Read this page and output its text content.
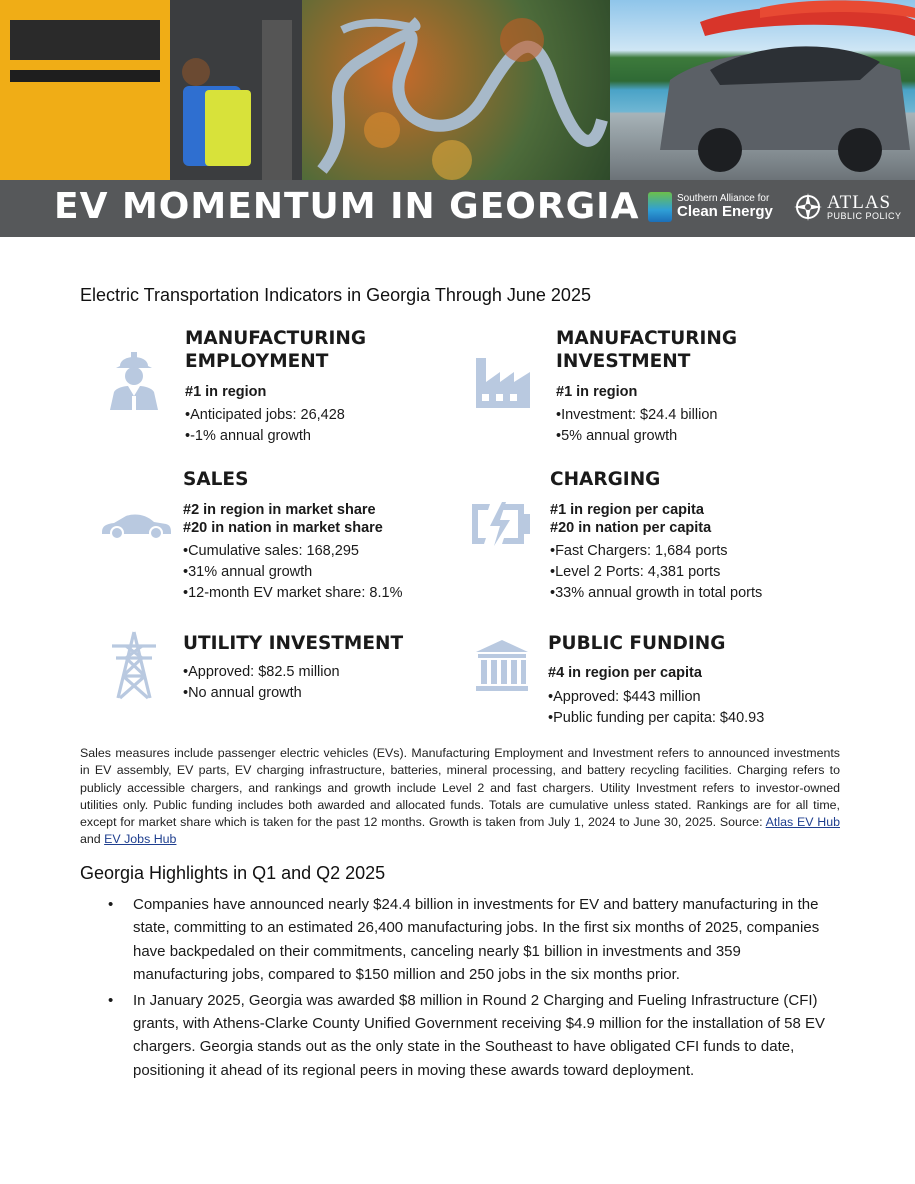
EV MOMENTUM IN GEORGIA	Southern Alliance for
Clean Energy	ATLAS
PUBLIC POLICY
Electric Transportation Indicators in Georgia Through June 2025
MANUFACTURING
EMPLOYMENT
#1 in region
• Anticipated jobs: 26,428
• -1% annual growth
MANUFACTURING
INVESTMENT
#1 in region
• Investment: $24.4 billion
• 5% annual growth
SALES
#2 in region in market share
#20 in nation in market share
• Cumulative sales: 168,295
• 31% annual growth
• 12-month EV market share: 8.1%
CHARGING
#1 in region per capita
#20 in nation per capita
• Fast Chargers: 1,684 ports
• Level 2 Ports: 4,381 ports
• 33% annual growth in total ports
UTILITY INVESTMENT
• Approved: $82.5 million
• No annual growth
PUBLIC FUNDING
#4 in region per capita
• Approved: $443 million
• Public funding per capita: $40.93
Sales measures include passenger electric vehicles (EVs). Manufacturing Employment and Investment refers to announced investments in EV assembly, EV parts, EV charging infrastructure, batteries, mineral processing, and battery recycling facilities. Charging refers to publicly accessible chargers, and rankings and growth include Level 2 and fast chargers. Utility Investment refers to investor-owned utilities only. Public funding includes both awarded and allocated funds. Totals are cumulative unless stated. Rankings are for all time, except for market share which is taken for the past 12 months. Growth is taken from July 1, 2024 to June 30, 2025. Source: Atlas EV Hub and EV Jobs Hub
Georgia Highlights in Q1 and Q2 2025
• Companies have announced nearly $24.4 billion in investments for EV and battery manufacturing in the state, committing to an estimated 26,400 manufacturing jobs. In the first six months of 2025, companies have backpedaled on their commitments, canceling nearly $1 billion in investments and 359 manufacturing jobs, compared to $150 million and 250 jobs in the six months prior.
• In January 2025, Georgia was awarded $8 million in Round 2 Charging and Fueling Infrastructure (CFI) grants, with Athens-Clarke County Unified Government receiving $4.9 million for the installation of 58 EV chargers. Georgia stands out as the only state in the Southeast to have obligated CFI funds to date, positioning it ahead of its regional peers in moving these awards toward deployment.
